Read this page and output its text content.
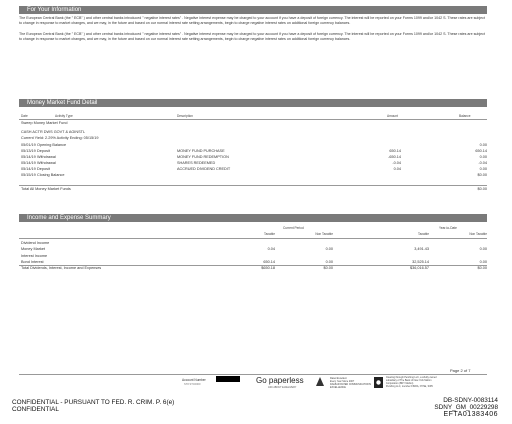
For Your Information
The European Central Bank (the " ECB" ) and other central banks introduced " negative interest rates" . Negative interest expense may be charged to your account if you have a deposit of foreign currency. The interest will be reported on your Forms 1099 and/or 1042 S. These rates are subject to change in response to market changes, and we may, in the future and based on our normal interest rate setting arrangements, begin to charge negative interest rates on additional foreign currency balances.
The European Central Bank (the " ECB" ) and other central banks introduced " negative interest rates" . Negative interest expense may be charged to your account if you have a deposit of foreign currency. The interest will be reported on your Forms 1099 and/or 1042 S. These rates are subject to change in response to market changes, and we may, in the future and based on our normal interest rate setting arrangements, begin to charge negative interest rates on additional foreign currency balances.
Money Market Fund Detail
Date	Activity Type	Description	Amount	Balance
Sweep Money Market Fund
CASH ACTR DWS GOVT & AGINSTL
Current Yield: 2.29% Activity Ending: 05/15/19
05/01/19 Opening Balance	0.00
05/13/19 Deposit	MONEY FUND PURCHASE	650.14	650.14
05/14/19 Withdrawal	MONEY FUND REDEMPTION	-650.14	0.00
05/14/19 Withdrawal	SHARES REDEEMED	-0.04	-0.04
05/14/19 Deposit	ACCRUED DIVIDEND CREDIT	0.04	0.00
05/15/19 Closing Balance	$0.00
Total All Money Market Funds	$0.00
Income and Expense Summary
Current Period	Year-to-Date
Taxable	Non Taxable	Taxable	Non Taxable
Dividend Income
Money Market	0.04	0.00	3,491.43	0.00
Interest Income
Bond Interest	650.14	0.00	32,525.14	0.00
Total Dividends, Interest, Income and Expenses	$650.18	$0.00	$36,016.57	$0.00
Page 2 of 7
Account Number
ST# STC0000	Go paperless
ASK ABOUT E-DELIVERY
Rated Excellent
Every Year Since 2007
DALBAR RATED COMMUNICATIONS
EXCELLENCE
Clearing through Pershing LLC, a wholly owned
subsidiary of The Bank of New York Mellon
Corporation (BNY Mellon)
Pershing LLC, member FINRA, NYSE, SIPC
CONFIDENTIAL - PURSUANT TO FED. R. CRIM. P. 6(e)
CONFIDENTIAL
DB-SDNY-0083114
SDNY_GM_00229298
EFTA01383406
